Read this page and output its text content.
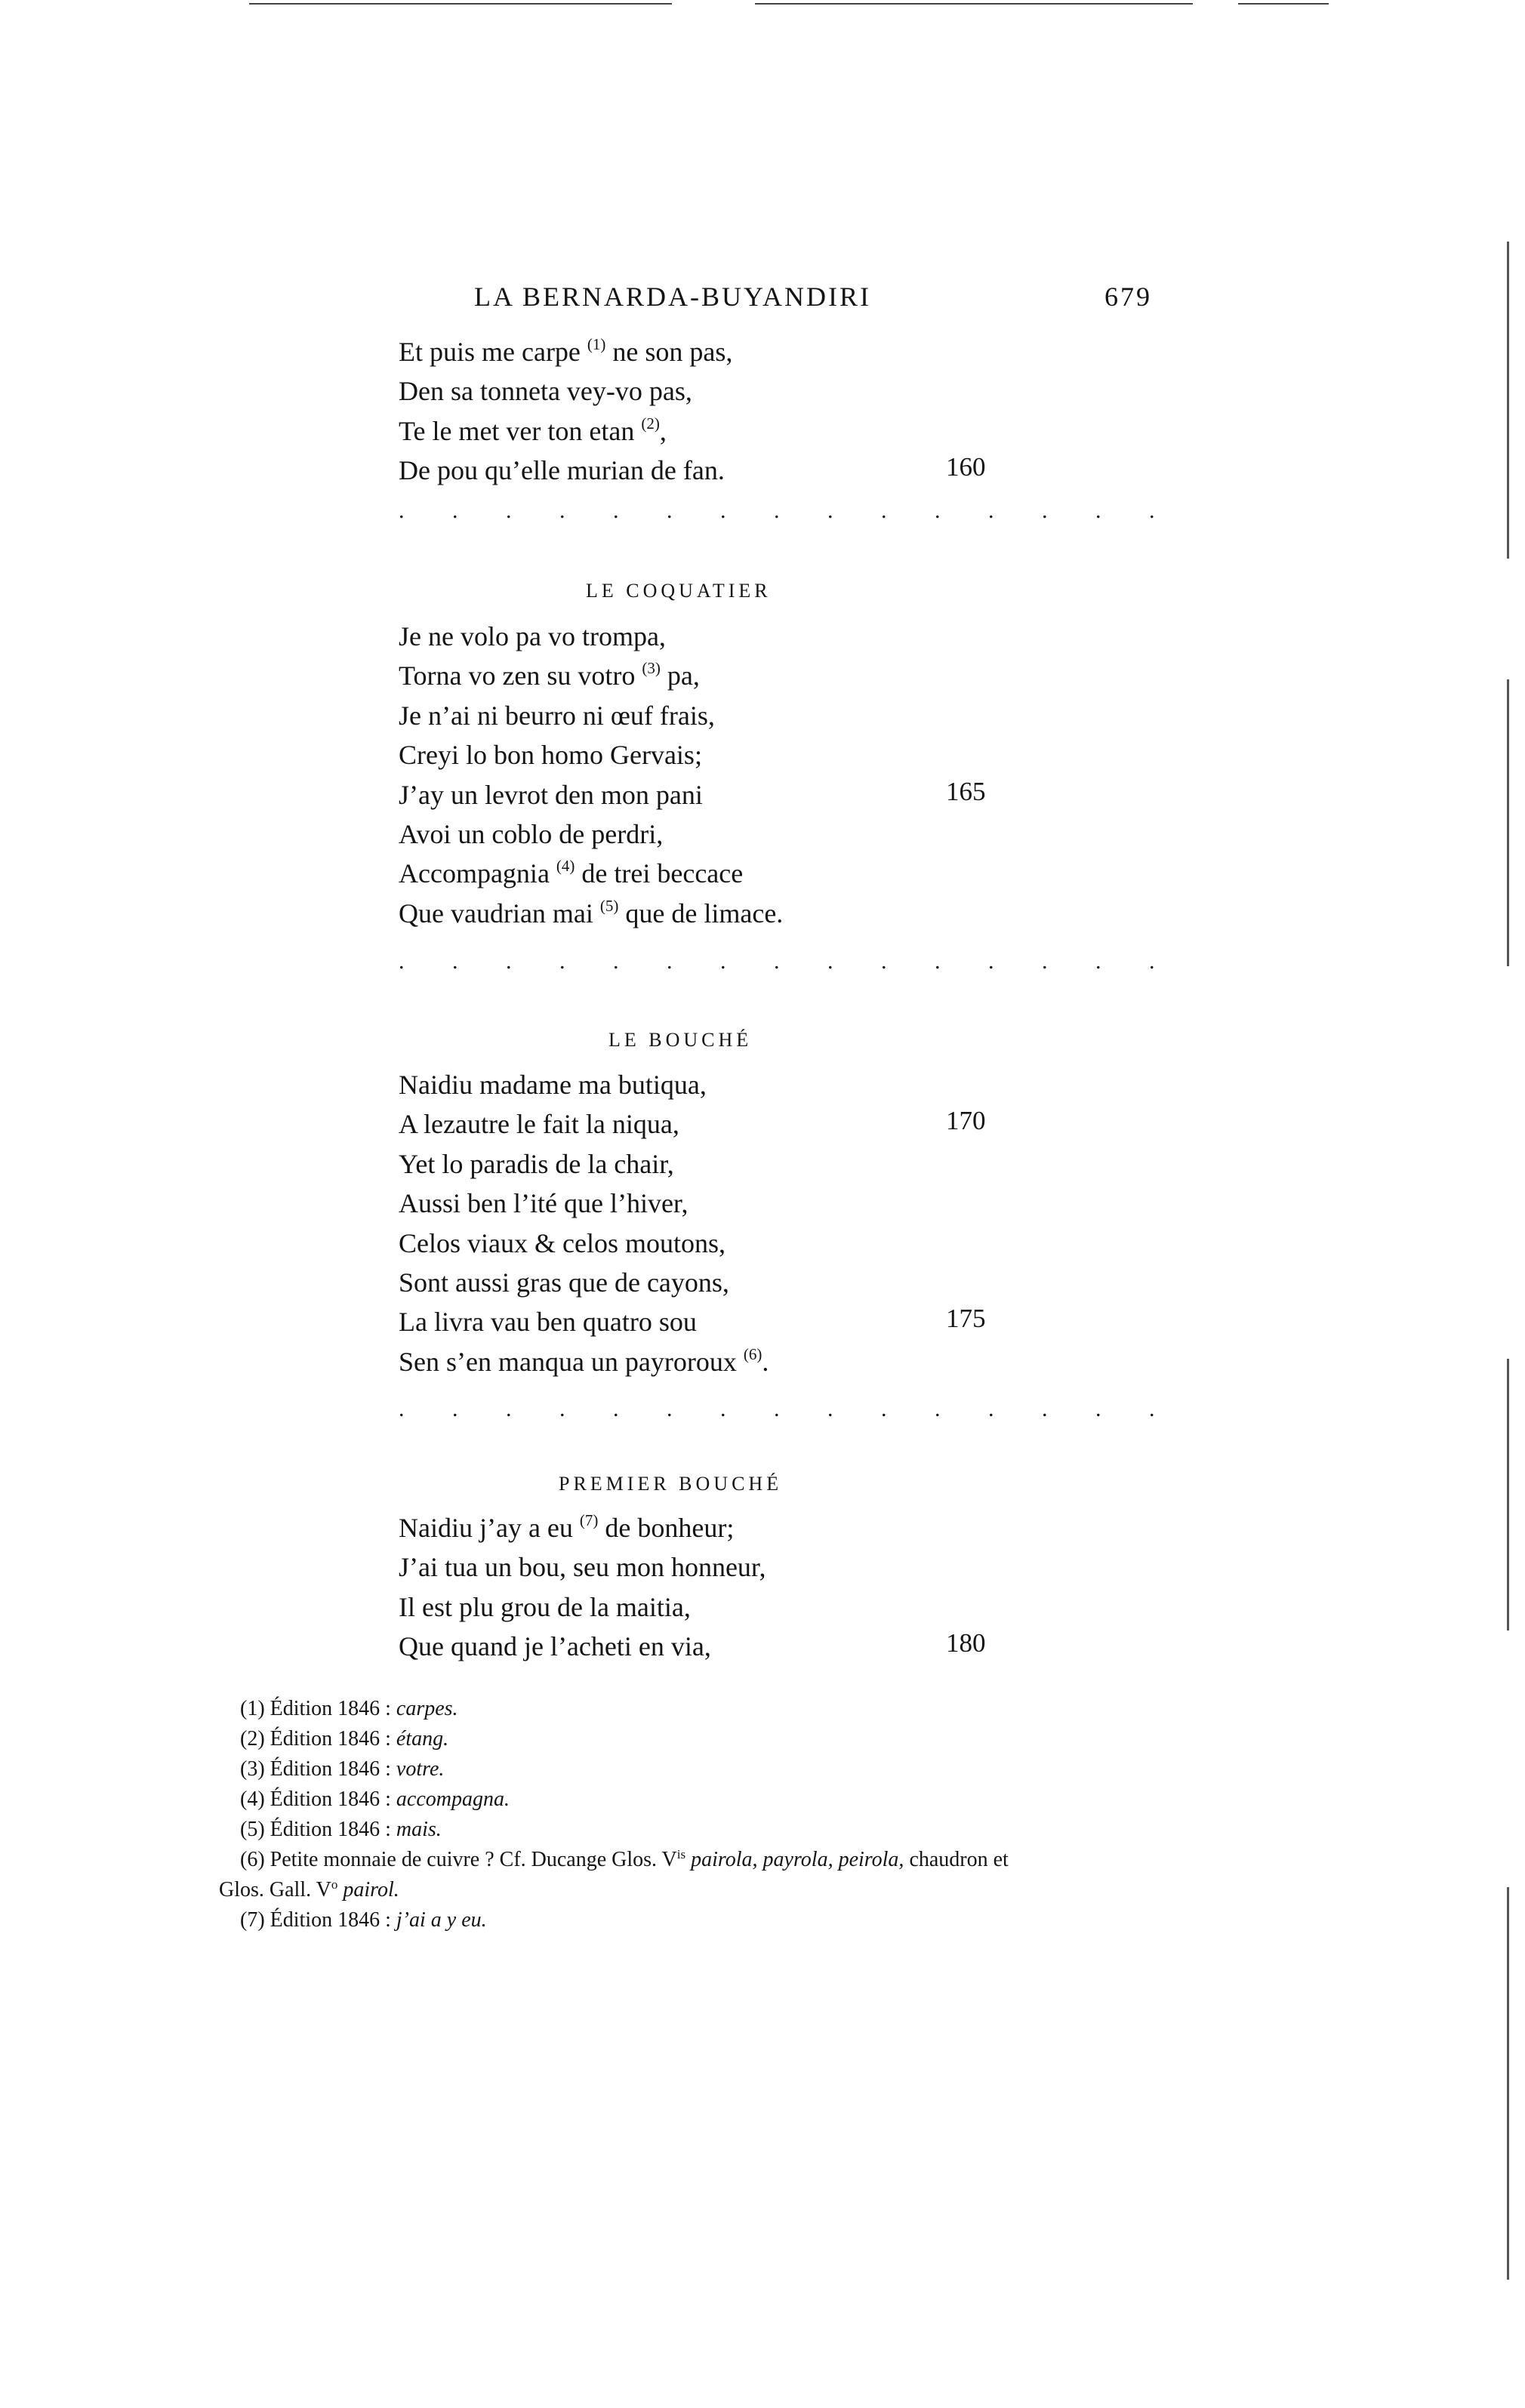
LA BERNARDA-BUYANDIRI	679
Et puis me carpe $^{(1)}$ ne son pas,
Den sa tonneta vey-vo pas,
Te le met ver ton etan $^{(2)}$,
De pou qu’elle murian de fan.	160
. . . . . . . . . . . . . . .
LE COQUATIER
Je ne volo pa vo trompa,
Torna vo zen su votro $^{(3)}$ pa,
Je n’ai ni beurro ni œuf frais,
Creyi lo bon homo Gervais;
J’ay un levrot den mon pani
Avoi un coblo de perdri,
Accompagnia $^{(4)}$ de trei beccace
Que vaudrian mai $^{(5)}$ que de limace.
165
. . . . . . . . . . . . . . .
LE BOUCHÉ
Naidiu madame ma butiqua,
A lezautre le fait la niqua,
Yet lo paradis de la chair,
Aussi ben l’ité que l’hiver,
Celos viaux & celos moutons,
Sont aussi gras que de cayons,
La livra vau ben quatro sou
Sen s’en manqua un payroroux $^{(6)}$.
170
175
. . . . . . . . . . . . . . .
PREMIER BOUCHÉ
Naidiu j’ay a eu $^{(7)}$ de bonheur;
J’ai tua un bou, seu mon honneur,
Il est plu grou de la maitia,
Que quand je l’acheti en via,	180
(1) Édition 1846 : carpes.
(2) Édition 1846 : étang.
(3) Édition 1846 : votre.
(4) Édition 1846 : accompagna.
(5) Édition 1846 : mais.
(6) Petite monnaie de cuivre ? Cf. Ducange Glos. $V^{is}$ pairola, payrola, peirola, chaudron et
Glos. Gall. $V^o$ pairol.
(7) Édition 1846 : j’ai a y eu.
